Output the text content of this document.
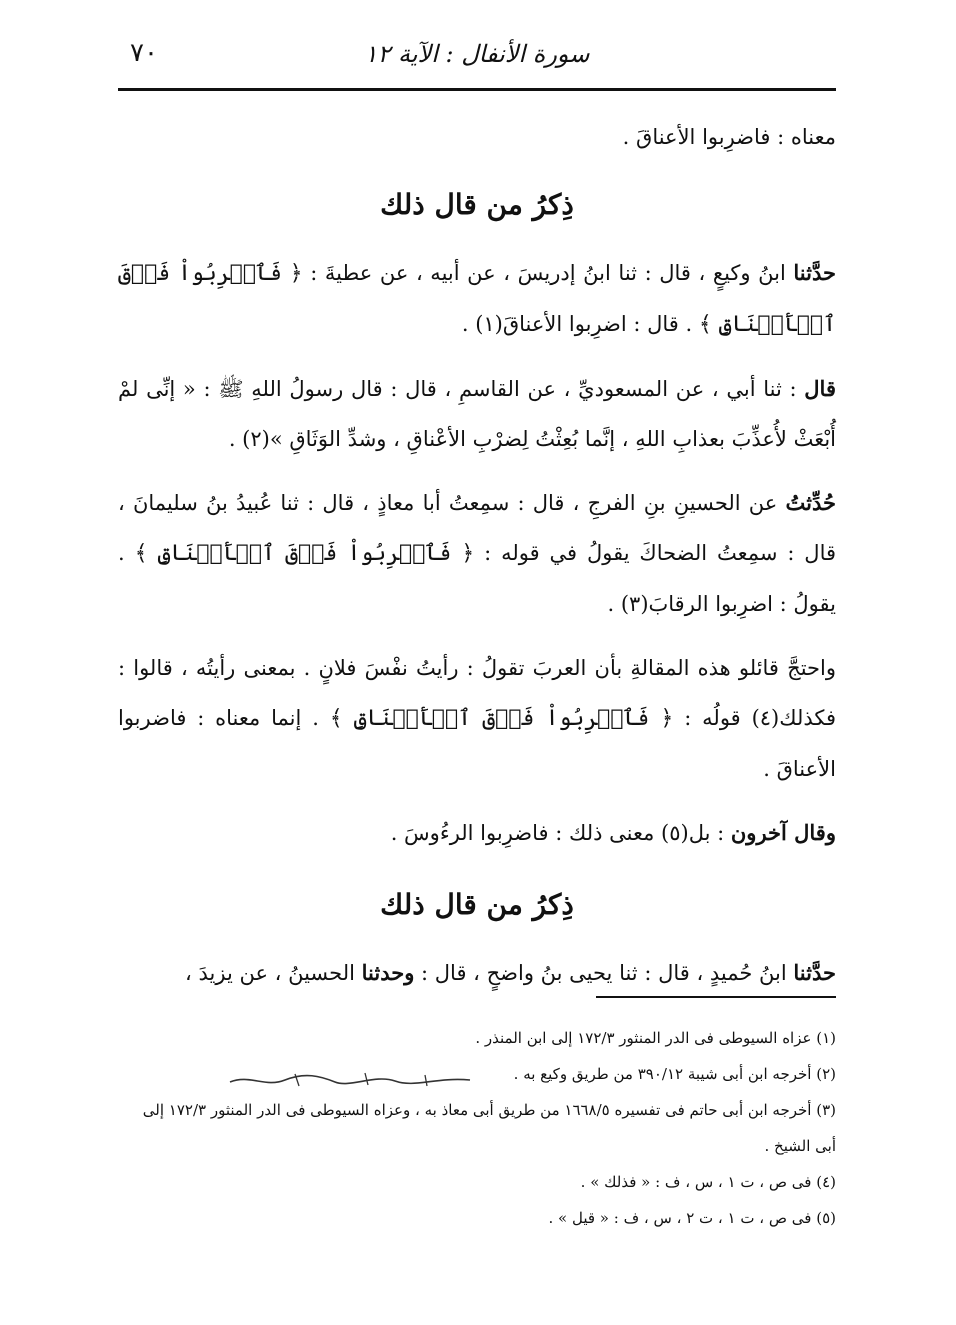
٧٠	سورة الأنفال : الآية ١٢

معناه : فاضرِبوا الأعناقَ .

ذِكرُ من قال ذلك

حدَّثنا ابنُ وكيعٍ ، قال : ثنا ابنُ إدريسَ ، عن أبيه ، عن عطيةَ : ﴿ فَٱضۡرِبُواْ فَوۡقَ ٱلۡأَعۡنَاقِ ﴾ . قال : اضرِبوا الأعناقَ(١) .

قال : ثنا أبي ، عن المسعوديِّ ، عن القاسمِ ، قال : قال رسولُ اللهِ ﷺ : « إنِّى لمْ أُبْعَثْ لأُعذِّبَ بعذابِ اللهِ ، إنَّما بُعِثْتُ لِضرْبِ الأعْناقِ ، وشدِّ الوَثَاقِ »(٢) .

حُدِّثتُ عن الحسينِ بنِ الفرجِ ، قال : سمِعتُ أبا معاذٍ ، قال : ثنا عُبيدُ بنُ سليمانَ ، قال : سمِعتُ الضحاكَ يقولُ في قوله : ﴿ فَٱضۡرِبُواْ فَوۡقَ ٱلۡأَعۡنَاقِ ﴾ . يقولُ : اضرِبوا الرقابَ(٣) .

واحتجَّ قائلو هذه المقالةِ بأن العربَ تقولُ : رأيتُ نفْسَ فلانٍ . بمعنى رأيتُه ، قالوا : فكذلك(٤) قولُه : ﴿ فَٱضۡرِبُواْ فَوۡقَ ٱلۡأَعۡنَاقِ ﴾ . إنما معناه : فاضربوا الأعناقَ .

وقال آخرون : بل(٥) معنى ذلك : فاضرِبوا الرءُوسَ .

ذِكرُ من قال ذلك

حدَّثنا ابنُ حُميدٍ ، قال : ثنا يحيى بنُ واضحٍ ، قال : وحدثنا الحسينُ ، عن يزيدَ ،

(١) عزاه السيوطى فى الدر المنثور ١٧٢/٣ إلى ابن المنذر .

(٢) أخرجه ابن أبى شيبة ٣٩٠/١٢ من طريق وكيع به .

(٣) أخرجه ابن أبى حاتم فى تفسيره ١٦٦٨/٥ من طريق أبى معاذ به ، وعزاه السيوطى فى الدر المنثور ١٧٢/٣ إلى أبى الشيخ .

(٤) فى ص ، ت ١ ، س ، ف : « فذلك » .

(٥) فى ص ، ت ١ ، ت ٢ ، س ، ف : « قيل » .
